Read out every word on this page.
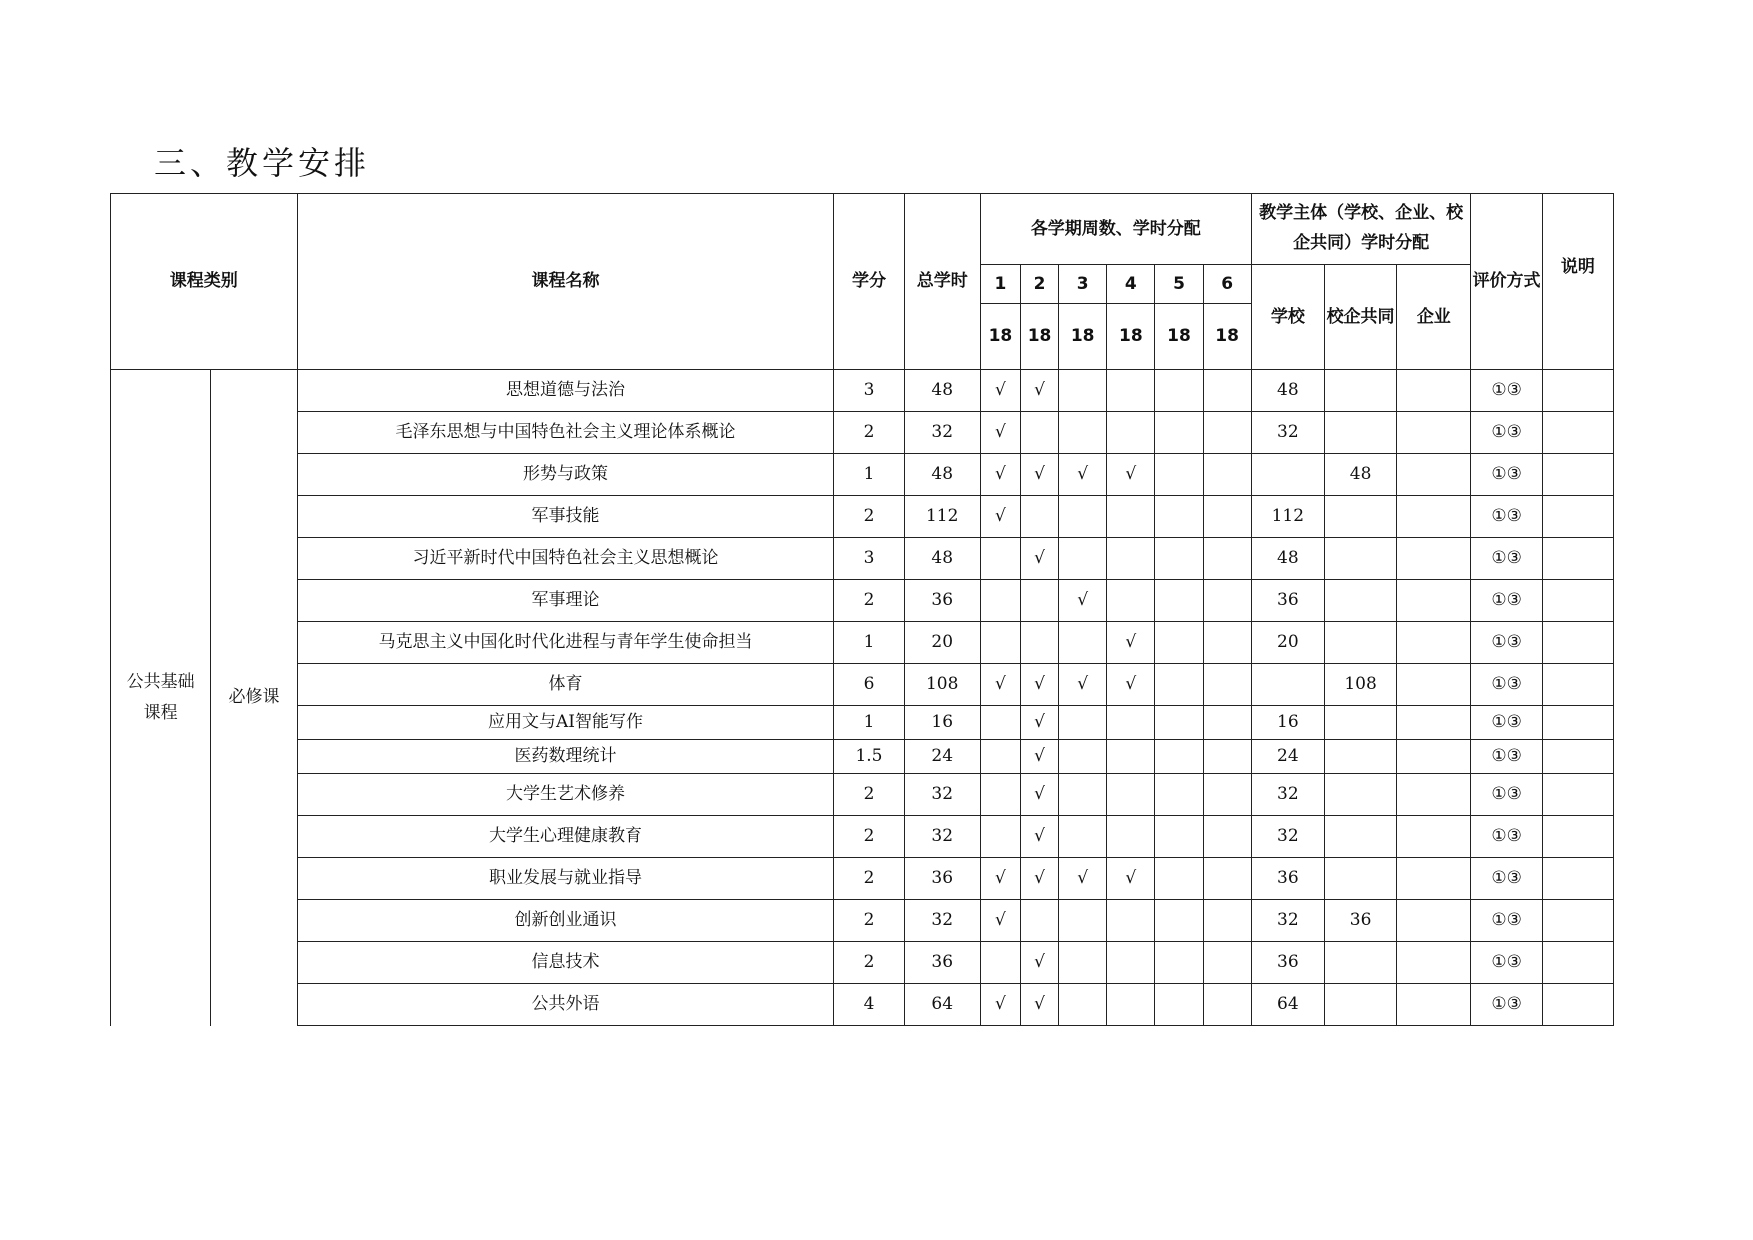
三、教学安排
课程类别		课程名称	学分	总学时	各学期周数、学时分配						教学主体（学校、企业、校企共同）学时分配			评价方式	说明
					1	2	3	4	5	6	学校	校企共同	企业		
					18	18	18	18	18	18					
公共基础课程	必修课	思想道德与法治	3	48	√	√					48			①③	
		毛泽东思想与中国特色社会主义理论体系概论	2	32	√						32			①③	
		形势与政策	1	48	√	√	√	√				48		①③	
		军事技能	2	112	√						112			①③	
		习近平新时代中国特色社会主义思想概论	3	48		√					48			①③	
		军事理论	2	36			√				36			①③	
		马克思主义中国化时代化进程与青年学生使命担当	1	20				√			20			①③	
		体育	6	108	√	√	√	√				108		①③	
		应用文与AI智能写作	1	16		√					16			①③	
		医药数理统计	1.5	24		√					24			①③	
		大学生艺术修养	2	32		√					32			①③	
		大学生心理健康教育	2	32		√					32			①③	
		职业发展与就业指导	2	36	√	√	√	√			36			①③	
		创新创业通识	2	32	√						32	36		①③	
		信息技术	2	36		√					36			①③	
		公共外语	4	64	√	√					64			①③	
